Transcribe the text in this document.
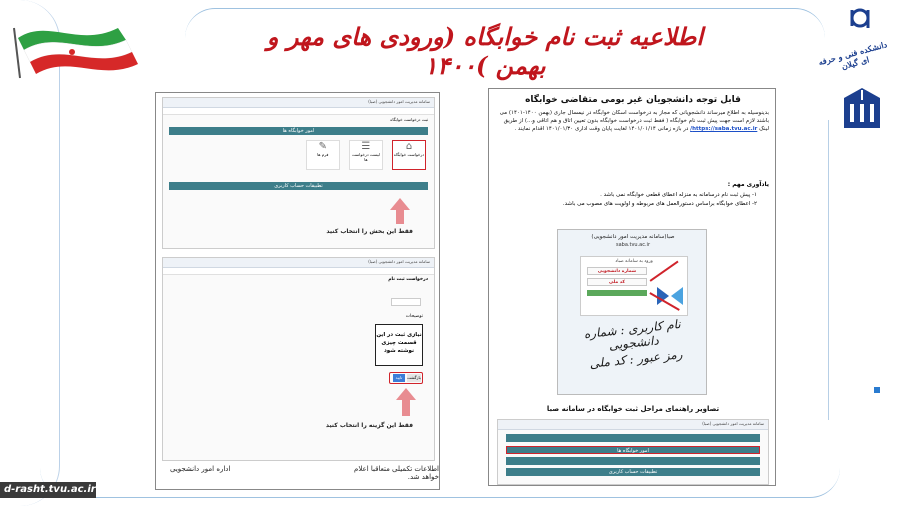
اطلاعیه ثبت نام خوابگاه (ورودی های مهر و بهمن )۱۴۰۰	دانشکده فنی و حرفه ای گیلان
d-rasht.tvu.ac.ir
سامانه مدیریت امور دانشجویی (صبا)
ثبت درخواست خوابگاه
امور خوابگاه ها
⌂
درخواست خوابگاه

☰
لیست درخواست ها

✎
فرم ها
تطبیقات حساب کاربری
فقط این بخش را انتخاب کنید
سامانه مدیریت امور دانشجویی (صبا)
درخواست ثبت نام
توضیحات
نیازی ثبت در این قسمت چیزی نوشته شود
تایید	بازگشت
فقط این گزینه را انتخاب کنید
اطلاعات تکمیلی متعاقبا اعلام خواهد شد.
اداره امور دانشجویی
قابل توجه دانشجویان غیر بومی متقاضی خوابگاه
بدینوسیله به اطلاع میرساند دانشجویانی که مجاز به درخواست اسکان خوابگاه در نیمسال جاری (بهمن ۱۴۰۰-۱۴۰۱) می باشند لازم است جهت پیش ثبت نام خوابگاه ( فقط ثبت درخواست خوابگاه بدون تعیین اتاق و هم اتاقی و...) از طریق لینک https://saba.tvu.ac.ir/ در بازه زمانی ۱۴۰۱/۰۱/۱۴ لغایت پایان وقت اداری ۱۴۰۱/۰۱/۳۰ اقدام نمایند .
یادآوری مهم :
۱- پیش ثبت نام درسامانه به منزله اعطای قطعی خوابگاه نمی باشد .
۲- اعطای خوابگاه براساس دستورالعمل های مربوطه و اولویت های مصوب می باشد.
صبا(سامانه مدیریت امور دانشجویی)
saba.tvu.ac.ir
ورود به سامانه صباد
شماره دانشجویی
کد ملی
نام کاربری : شماره دانشجویی
رمز عبور : کد ملی
تصاویر راهنمای مراحل ثبت خوابگاه در سامانه صبا
سامانه مدیریت امور دانشجویی (صبا)
امور خوابگاه ها
تطبیقات حساب کاربری
